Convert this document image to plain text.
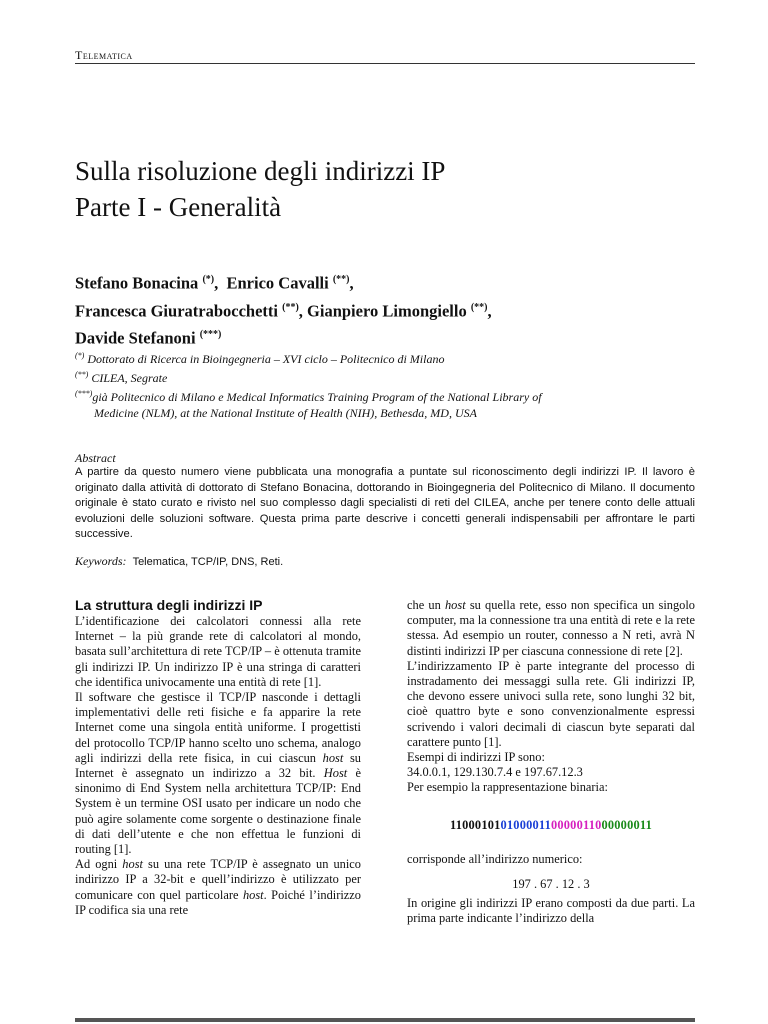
Telematica
Sulla risoluzione degli indirizzi IP
Parte I - Generalità
Stefano Bonacina (*),  Enrico Cavalli (**),
Francesca Giuratrabocchetti (**), Gianpiero Limongiello (**),
Davide Stefanoni (***)
(*) Dottorato di Ricerca in Bioingegneria – XVI ciclo – Politecnico di Milano
(**) CILEA, Segrate
(***)già Politecnico di Milano e Medical Informatics Training Program of the National Library of
Medicine (NLM), at the National Institute of Health (NIH), Bethesda, MD, USA
Abstract
A partire da questo numero viene pubblicata una monografia a puntate sul riconoscimento degli indirizzi IP. Il lavoro è originato dalla attività di dottorato di Stefano Bonacina, dottorando in Bioingegneria del Politecnico di Milano. Il documento originale è stato curato e rivisto nel suo complesso dagli specialisti di reti del CILEA, anche per tenere conto delle attuali evoluzioni delle soluzioni software. Questa prima parte descrive i concetti generali indispensabili per affrontare le parti successive.
Keywords: Telematica, TCP/IP, DNS, Reti.
La struttura degli indirizzi IP

L’identificazione dei calcolatori connessi alla rete Internet – la più grande rete di calcolatori al mondo, basata sull’architettura di rete TCP/IP – è ottenuta tramite gli indirizzi IP. Un indirizzo IP è una stringa di caratteri che identifica univocamente una entità di rete [1].

Il software che gestisce il TCP/IP nasconde i dettagli implementativi delle reti fisiche e fa apparire la rete Internet come una singola entità uniforme. I progettisti del protocollo TCP/IP hanno scelto uno schema, analogo agli indirizzi della rete fisica, in cui ciascun host su Internet è assegnato un indirizzo a 32 bit. Host è sinonimo di End System nella architettura TCP/IP: End System è un termine OSI usato per indicare un nodo che può agire solamente come sorgente o destinazione finale di dati dell’utente e che non effettua le funzioni di routing [1].

Ad ogni host su una rete TCP/IP è assegnato un unico indirizzo IP a 32-bit e quell’indirizzo è utilizzato per comunicare con quel particolare host. Poiché l’indirizzo IP codifica sia una rete

che un host su quella rete, esso non specifica un singolo computer, ma la connessione tra una entità di rete e la rete stessa. Ad esempio un router, connesso a N reti, avrà N distinti indirizzi IP per ciascuna connessione di rete [2].

L’indirizzamento IP è parte integrante del processo di instradamento dei messaggi sulla rete. Gli indirizzi IP, che devono essere univoci sulla rete, sono lunghi 32 bit, cioè quattro byte e sono convenzionalmente espressi scrivendo i valori decimali di ciascun byte separati dal carattere punto [1].

Esempi di indirizzi IP sono:

34.0.0.1, 129.130.7.4 e 197.67.12.3

Per esempio la rappresentazione binaria:

11000101010000110000011000000011

corrisponde all’indirizzo numerico:

197 . 67 . 12 . 3

In origine gli indirizzi IP erano composti da due parti. La prima parte indicante l’indirizzo della
